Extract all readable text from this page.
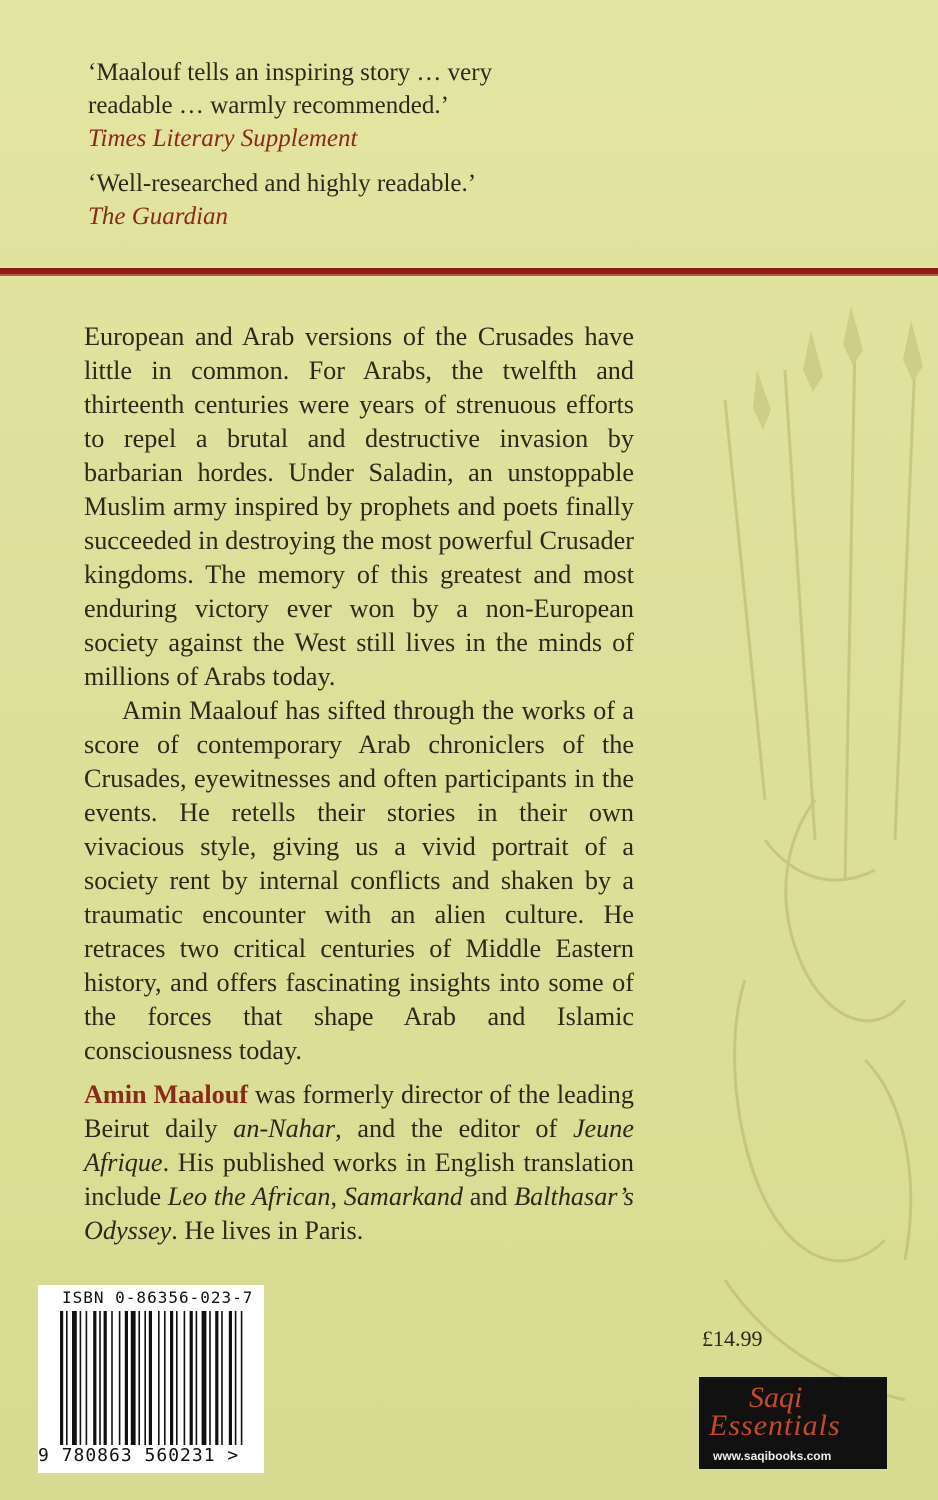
‘Maalouf tells an inspiring story … very
readable … warmly recommended.’

Times Literary Supplement

‘Well-researched and highly readable.’

The Guardian

European and Arab versions of the Crusades have little in common. For Arabs, the twelfth and thirteenth centuries were years of strenuous efforts to repel a brutal and destructive invasion by barbarian hordes. Under Saladin, an unstoppable Muslim army inspired by prophets and poets finally succeeded in destroying the most powerful Crusader kingdoms. The memory of this greatest and most enduring victory ever won by a non-European society against the West still lives in the minds of millions of Arabs today.

Amin Maalouf has sifted through the works of a score of contemporary Arab chroniclers of the Crusades, eyewitnesses and often participants in the events. He retells their stories in their own vivacious style, giving us a vivid portrait of a society rent by internal conflicts and shaken by a traumatic encounter with an alien culture. He retraces two critical centuries of Middle Eastern history, and offers fascinating insights into some of the forces that shape Arab and Islamic consciousness today.

Amin Maalouf was formerly director of the leading Beirut daily an-Nahar, and the editor of Jeune Afrique. His published works in English translation include Leo the African, Samarkand and Balthasar’s Odyssey. He lives in Paris.

ISBN 0-86356-023-7
9 780863 560231 >
£14.99
Saqi
Essentials
www.saqibooks.com
